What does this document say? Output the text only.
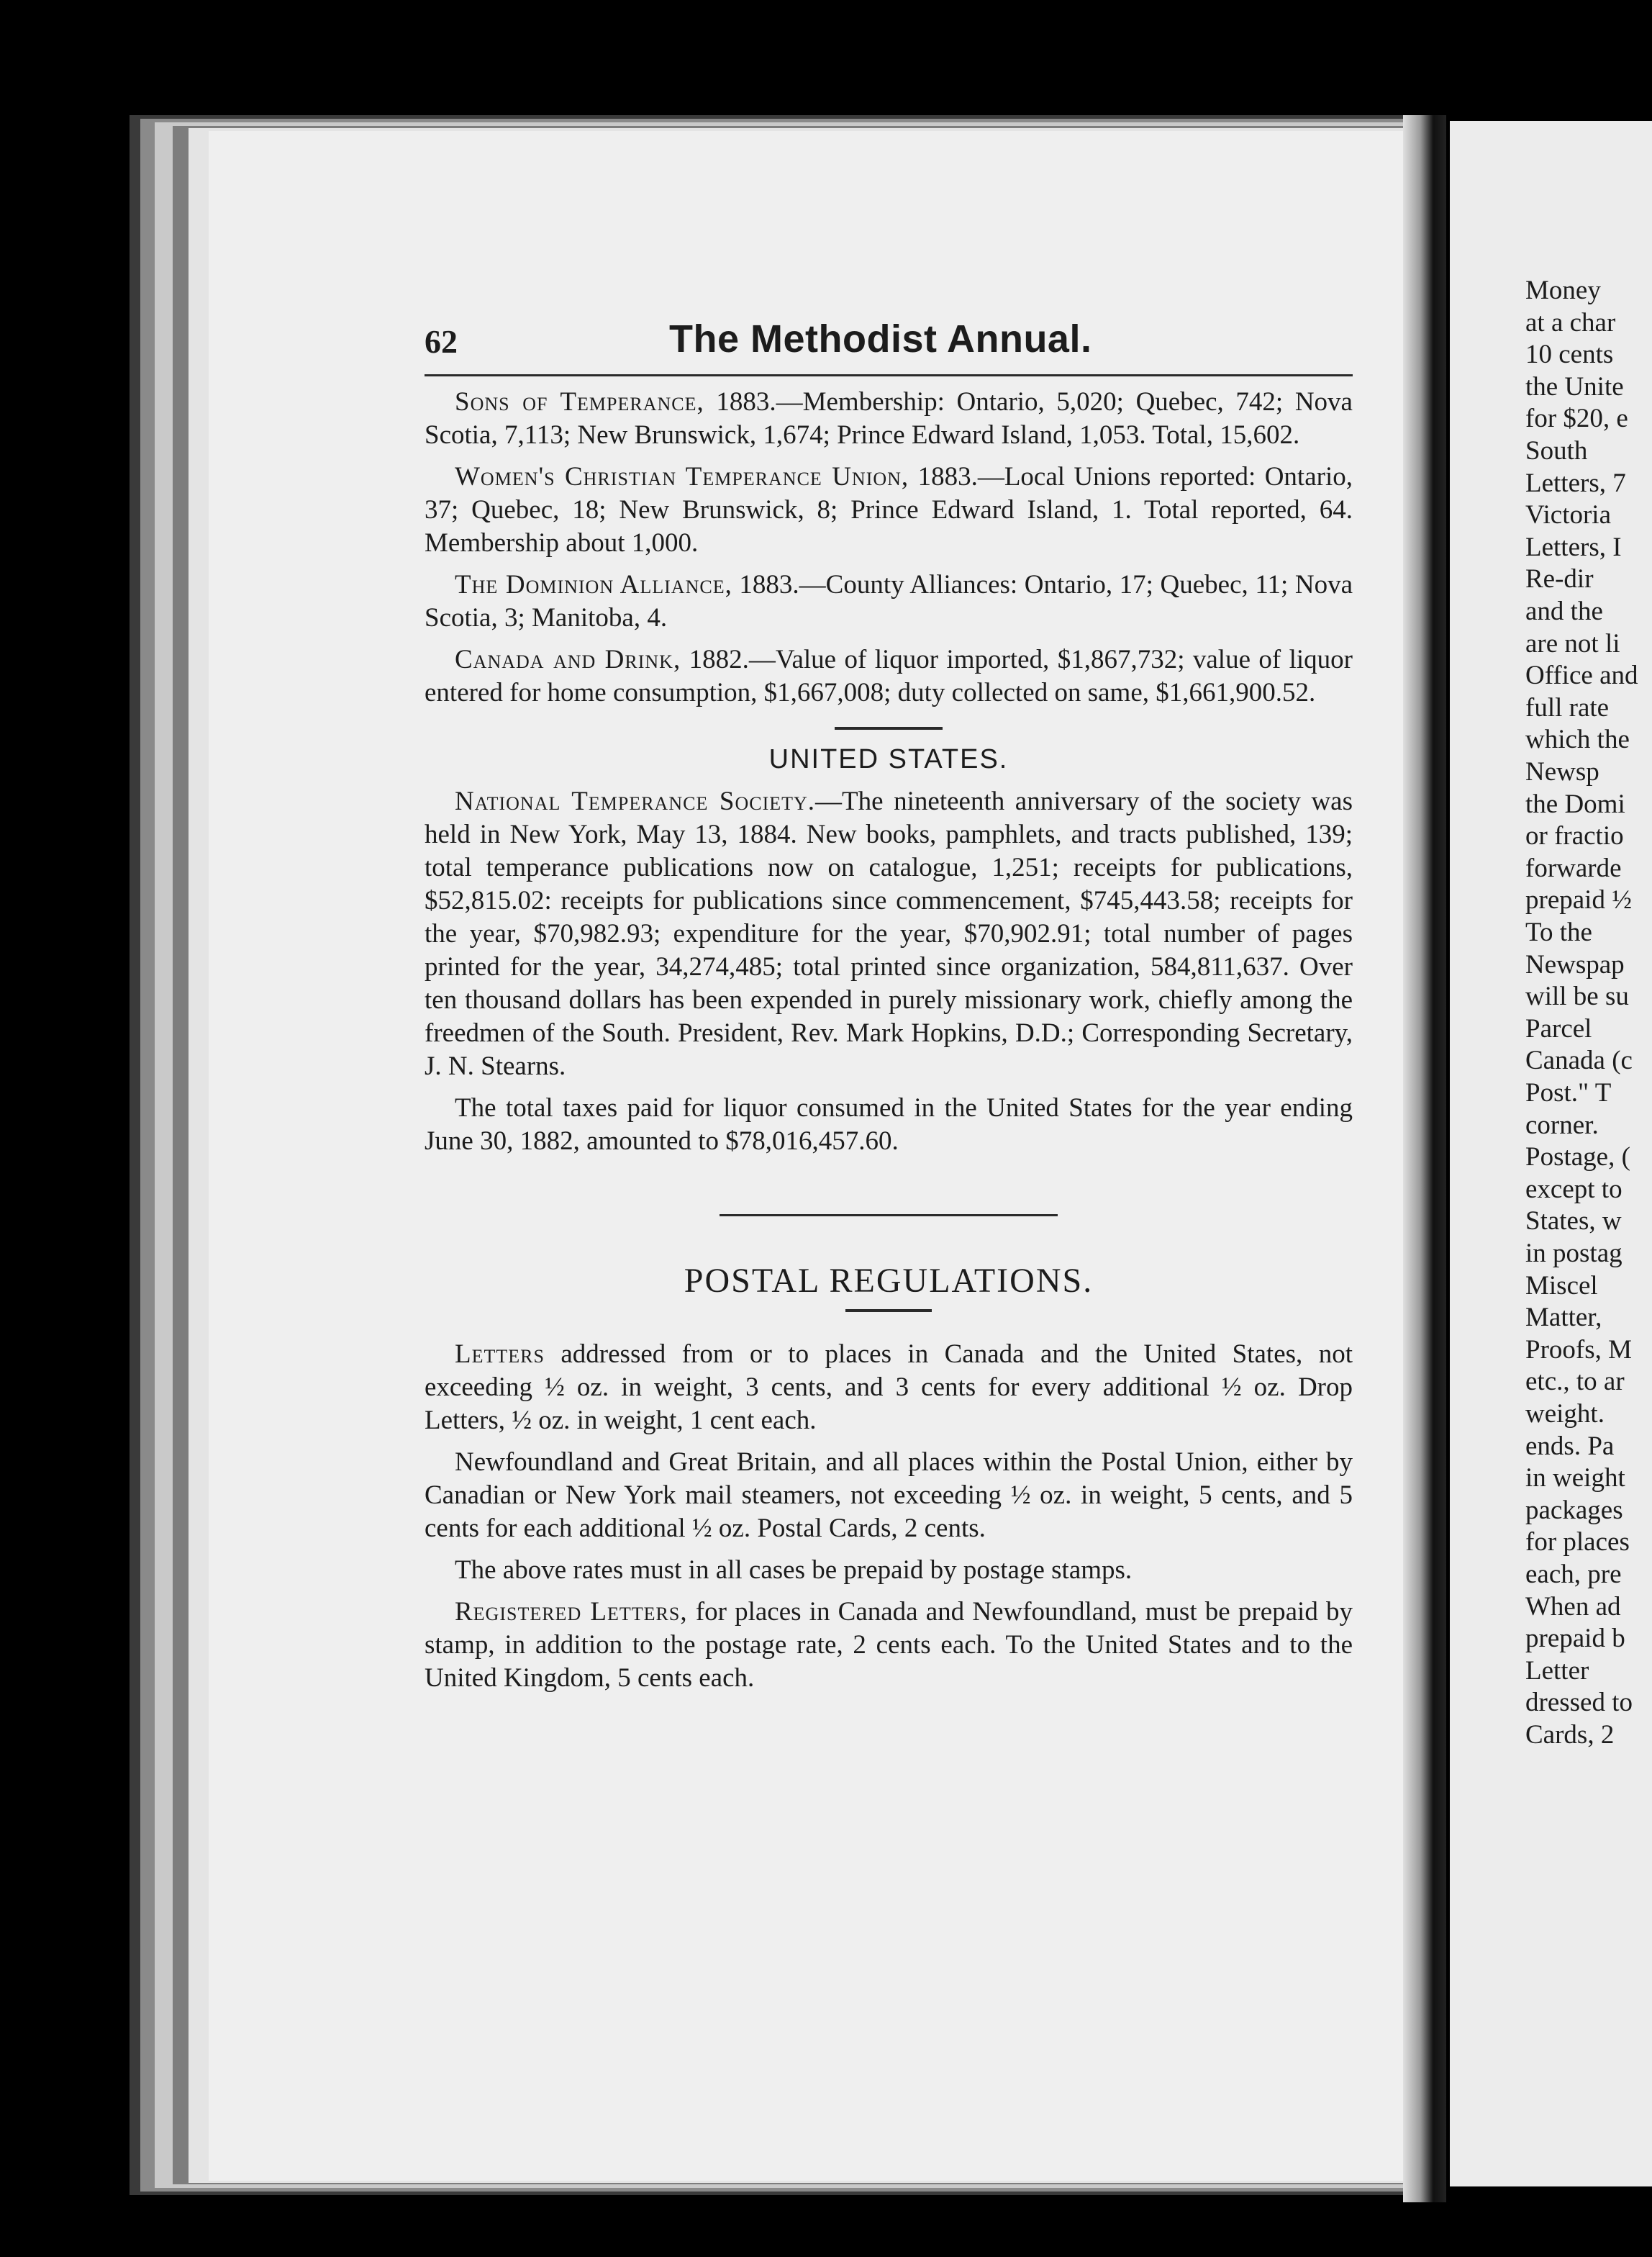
Money
at a char
10 cents
the Unite
for $20, e
South
Letters, 7
Victoria
Letters, I
Re-dir
and the
are not li
Office and
full rate
which the
Newsp
the Domi
or fractio
forwarde
prepaid ½
To the
Newspap
will be su
Parcel
Canada (c
Post." T
corner.
Postage, (
except to
States, w
in postag
Miscel
Matter,
Proofs, M
etc., to ar
weight.
ends. Pa
in weight
packages
for places
each, pre
When ad
prepaid b
Letter
dressed to
Cards, 2
62	The Methodist Annual.

Sons of Temperance, 1883.—Membership: Ontario, 5,020; Quebec, 742; Nova Scotia, 7,113; New Brunswick, 1,674; Prince Edward Island, 1,053. Total, 15,602.

Women's Christian Temperance Union, 1883.—Local Unions reported: Ontario, 37; Quebec, 18; New Brunswick, 8; Prince Edward Island, 1. Total reported, 64. Membership about 1,000.

The Dominion Alliance, 1883.—County Alliances: Ontario, 17; Quebec, 11; Nova Scotia, 3; Manitoba, 4.

Canada and Drink, 1882.—Value of liquor imported, $1,867,732; value of liquor entered for home consumption, $1,667,008; duty collected on same, $1,661,900.52.

UNITED STATES.

National Temperance Society.—The nineteenth anniversary of the society was held in New York, May 13, 1884. New books, pamphlets, and tracts published, 139; total temperance publications now on catalogue, 1,251; receipts for publications, $52,815.02: receipts for publications since commencement, $745,443.58; receipts for the year, $70,982.93; expenditure for the year, $70,902.91; total number of pages printed for the year, 34,274,485; total printed since organization, 584,811,637. Over ten thousand dollars has been expended in purely missionary work, chiefly among the freedmen of the South. President, Rev. Mark Hopkins, D.D.; Corresponding Secretary, J. N. Stearns.

The total taxes paid for liquor consumed in the United States for the year ending June 30, 1882, amounted to $78,016,457.60.

POSTAL REGULATIONS.

Letters addressed from or to places in Canada and the United States, not exceeding ½ oz. in weight, 3 cents, and 3 cents for every additional ½ oz. Drop Letters, ½ oz. in weight, 1 cent each.

Newfoundland and Great Britain, and all places within the Postal Union, either by Canadian or New York mail steamers, not exceeding ½ oz. in weight, 5 cents, and 5 cents for each additional ½ oz. Postal Cards, 2 cents.

The above rates must in all cases be prepaid by postage stamps.

Registered Letters, for places in Canada and Newfoundland, must be prepaid by stamp, in addition to the postage rate, 2 cents each. To the United States and to the United Kingdom, 5 cents each.
